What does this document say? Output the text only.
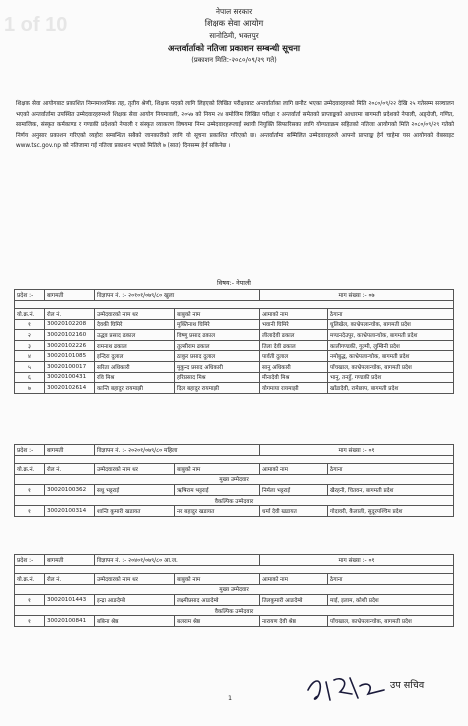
1 of 10
नेपाल सरकार
शिक्षक सेवा आयोग
सानोठिमी, भक्तपुर
अन्तर्वार्ताको नतिजा प्रकाशन सम्बन्धी सूचना
(प्रकाशन मिति:-२०८०/०९/२९ गते)
शिक्षक सेवा आयोगबाट प्रकाशित निम्नमाध्यमिक तह, तृतीय श्रेणी, शिक्षक पदको लागि लिइएको लिखित परीक्षाबाट अन्तर्वार्ताका लागि छनौट भएका उम्मेदवारहरुको मिति २०८०/०९/२२ देखि २५ गतेसम्म सञ्चालन भएको अन्तर्वार्तामा उपस्थित उम्मेदवारहरुमध्ये शिक्षक सेवा आयोग नियमावली, २०५७ को नियम २४ बमोजिम लिखित परीक्षा र अन्तर्वार्ता समेतको प्राप्ताङ्कको आधारमा बागमती प्रदेशको नेपाली, अङ्ग्रेजी, गणित, सामाजिक, संस्कृत कर्मकाण्ड र गण्डकी प्रदेशको नेपाली र संस्कृत व्याकरण विषयमा निम्न उम्मेदवारहरूलाई स्थायी नियुक्ति सिफारिसका लागि योग्यताक्रम सहितको नतिजा आयोगको मिति २०८०/०९/२९ गतेको निर्णय अनुसार प्रकाशन गरिएको व्यहोरा सम्बन्धित सबैको जानकारीको लागि यो सूचना प्रकाशित गरिएको छ। अन्तर्वार्तामा सम्मिलित उम्मेदवारहरुले आफ्नो प्राप्ताङ्क हेर्न चाहेमा यस आयोगको वेबसाइट www.tsc.gov.np को नतिजामा गई नतिजा प्रकाशन भएको मितिले ७ (सात) दिनसम्म हेर्न सकिनेछ ।
विषय:- नेपाली
प्रदेश :-	बागमती	विज्ञापन नं. :- २०१०१/०७९/८० खुला		माग संख्या :- ०७	

यो.क्र.नं.	रोल नं.	उम्मेदवारको नाम थर	बाबुको नाम	आमाको नाम	ठेगाना
१	30020102208	देवकी घिमिरे	मुक्तिनाथ घिमिरे	भवानी घिमिरे	धुलिखेल, काभ्रेपलान्चोक, बागमती प्रदेश
२	30020102160	उद्धव प्रसाद ढकाल	विष्णु प्रसाद ढकाल	लीलादेवी ढकाल	मण्डनदेउपुर, काभ्रेपलान्चोक, बागमती प्रदेश
३	30020102226	रामनाथ ढकाल	तुल्सीराम ढकाल	तिला देवी ढकाल	कालीगण्डकी, गुल्मी, लुम्बिनी प्रदेश
४	30020101085	इन्दिरा दुलाल	ठाकुर प्रसाद दुलाल	पार्वती दुलाल	नमोबुद्ध, काभ्रेपलान्चोक, बागमती प्रदेश
५	30020100017	सरिता अधिकारी	मुकुन्द प्रसाद अधिकारी	सानु अधिकारी	पाँचखाल, काभ्रेपलान्चोक, बागमती प्रदेश
६	30020100431	रवि मिश्र	हरिप्रसाद मिश्र	मीनादेवी मिश्र	भानु, तनहुँ, गण्डकी प्रदेश
७	30020102614	कान्ति बहादुर रायमाझी	दिल बहादुर रायमाझी	योगमाया रायमाझी	खाँडादेवी, रामेछाप, बागमती प्रदेश
प्रदेश :-	बागमती	विज्ञापन नं. :- २०२०१/०७९/८० महिला		माग संख्या :- ०१	

यो.क्र.नं.	रोल नं.	उम्मेदवारको नाम थर	बाबुको नाम	आमाको नाम	ठेगाना
मुख्य उम्मेदवार					
१	30020100362	सधु भट्टराई	ऋषिराम भट्टराई	निर्मला भट्टराई	खैरहनी, चितवन, बागमती प्रदेश
वैकल्पिक उम्मेदवार					
१	30020100314	शान्ति कुमारी खडायत	नर बहादुर खडायत	धर्मा देवी खडायत	गोदावरी, कैलाली, सुदूरपश्चिम प्रदेश
प्रदेश :-	बागमती	विज्ञापन नं. :- २०४०१/०७९/८० आ.ज.		माग संख्या :- ०१	

यो.क्र.नं.	रोल नं.	उम्मेदवारको नाम थर	बाबुको नाम	आमाको नाम	ठेगाना
मुख्य उम्मेदवार					
१	30020101443	इन्द्रा आङदेम्बे	लक्ष्मीप्रसाद आङदेम्बे	तिलकुमारी आङदेम्बे	माई, इलाम, कोशी प्रदेश
वैकल्पिक उम्मेदवार					
१	30020100841	बबिना श्रेष्ठ	बलराम श्रेष्ठ	नारायण देवी श्रेष्ठ	पाँचखाल, काभ्रेपलान्चोक, बागमती प्रदेश
1
उप सचिव
